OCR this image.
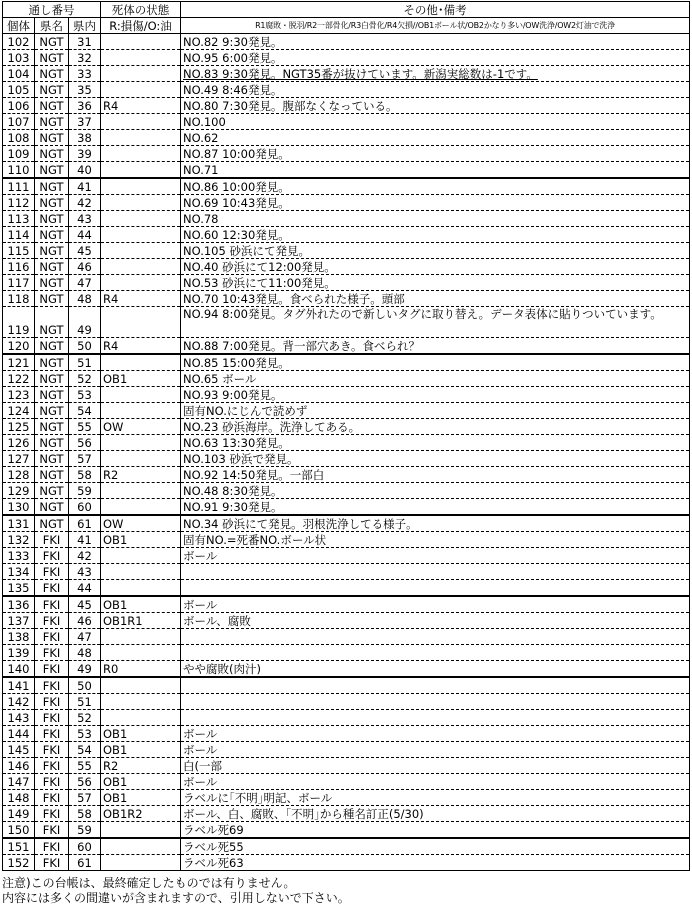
通し番号			死体の状態	その他･備考
個体	県名	県内	R:損傷/O:油	R1腐敗・脱羽/R2一部骨化/R3白骨化/R4欠損//OB1ボール状/OB2かなり多い/OW洗浄/OW2灯油で洗浄
102	NGT	31		NO.82 9:30発見。
103	NGT	32		NO.95 6:00発見。
104	NGT	33		NO.83 9:30発見。NGT35番が抜けています。新潟実総数は-1です。
105	NGT	35		NO.49 8:46発見。
106	NGT	36	R4	NO.80 7:30発見。腹部なくなっている。
107	NGT	37		NO.100
108	NGT	38		NO.62
109	NGT	39		NO.87 10:00発見。
110	NGT	40		NO.71
111	NGT	41		NO.86 10:00発見。
112	NGT	42		NO.69 10:43発見。
113	NGT	43		NO.78
114	NGT	44		NO.60 12:30発見。
115	NGT	45		NO.105 砂浜にて発見。
116	NGT	46		NO.40 砂浜にて12:00発見。
117	NGT	47		NO.53 砂浜にて11:00発見。
118	NGT	48	R4	NO.70 10:43発見。食べられた様子。頭部
119	NGT	49		NO.94 8:00発見。タグ外れたので新しいタグに取り替え。データ表体に貼りついています。
120	NGT	50	R4	NO.88 7:00発見。背一部穴あき。食べられ？
121	NGT	51		NO.85 15:00発見。
122	NGT	52	OB1	NO.65 ボール
123	NGT	53		NO.93 9:00発見。
124	NGT	54		固有NO.にじんで読めず
125	NGT	55	OW	NO.23 砂浜海岸。洗浄してある。
126	NGT	56		NO.63 13:30発見。
127	NGT	57		NO.103 砂浜で発見。
128	NGT	58	R2	NO.92 14:50発見。一部白
129	NGT	59		NO.48 8:30発見。
130	NGT	60		NO.91 9:30発見。
131	NGT	61	OW	NO.34 砂浜にて発見。羽根洗浄してる様子。
132	FKI	41	OB1	固有NO.=死番NO.ボール状
133	FKI	42		ボール
134	FKI	43		
135	FKI	44		
136	FKI	45	OB1	ボール
137	FKI	46	OB1R1	ボール、腐敗
138	FKI	47		
139	FKI	48		
140	FKI	49	R0	やや腐敗(肉汁)
141	FKI	50		
142	FKI	51		
143	FKI	52		
144	FKI	53	OB1	ボール
145	FKI	54	OB1	ボール
146	FKI	55	R2	白(一部
147	FKI	56	OB1	ボール
148	FKI	57	OB1	ラベルに｢不明｣明記、ボール
149	FKI	58	OB1R2	ボール、白、腐敗、｢不明｣から種名訂正(5/30)
150	FKI	59		ラベル死69
151	FKI	60		ラベル死55
152	FKI	61		ラベル死63
注意)この台帳は、最終確定したものでは有りません。
内容には多くの間違いが含まれますので、引用しないで下さい。
